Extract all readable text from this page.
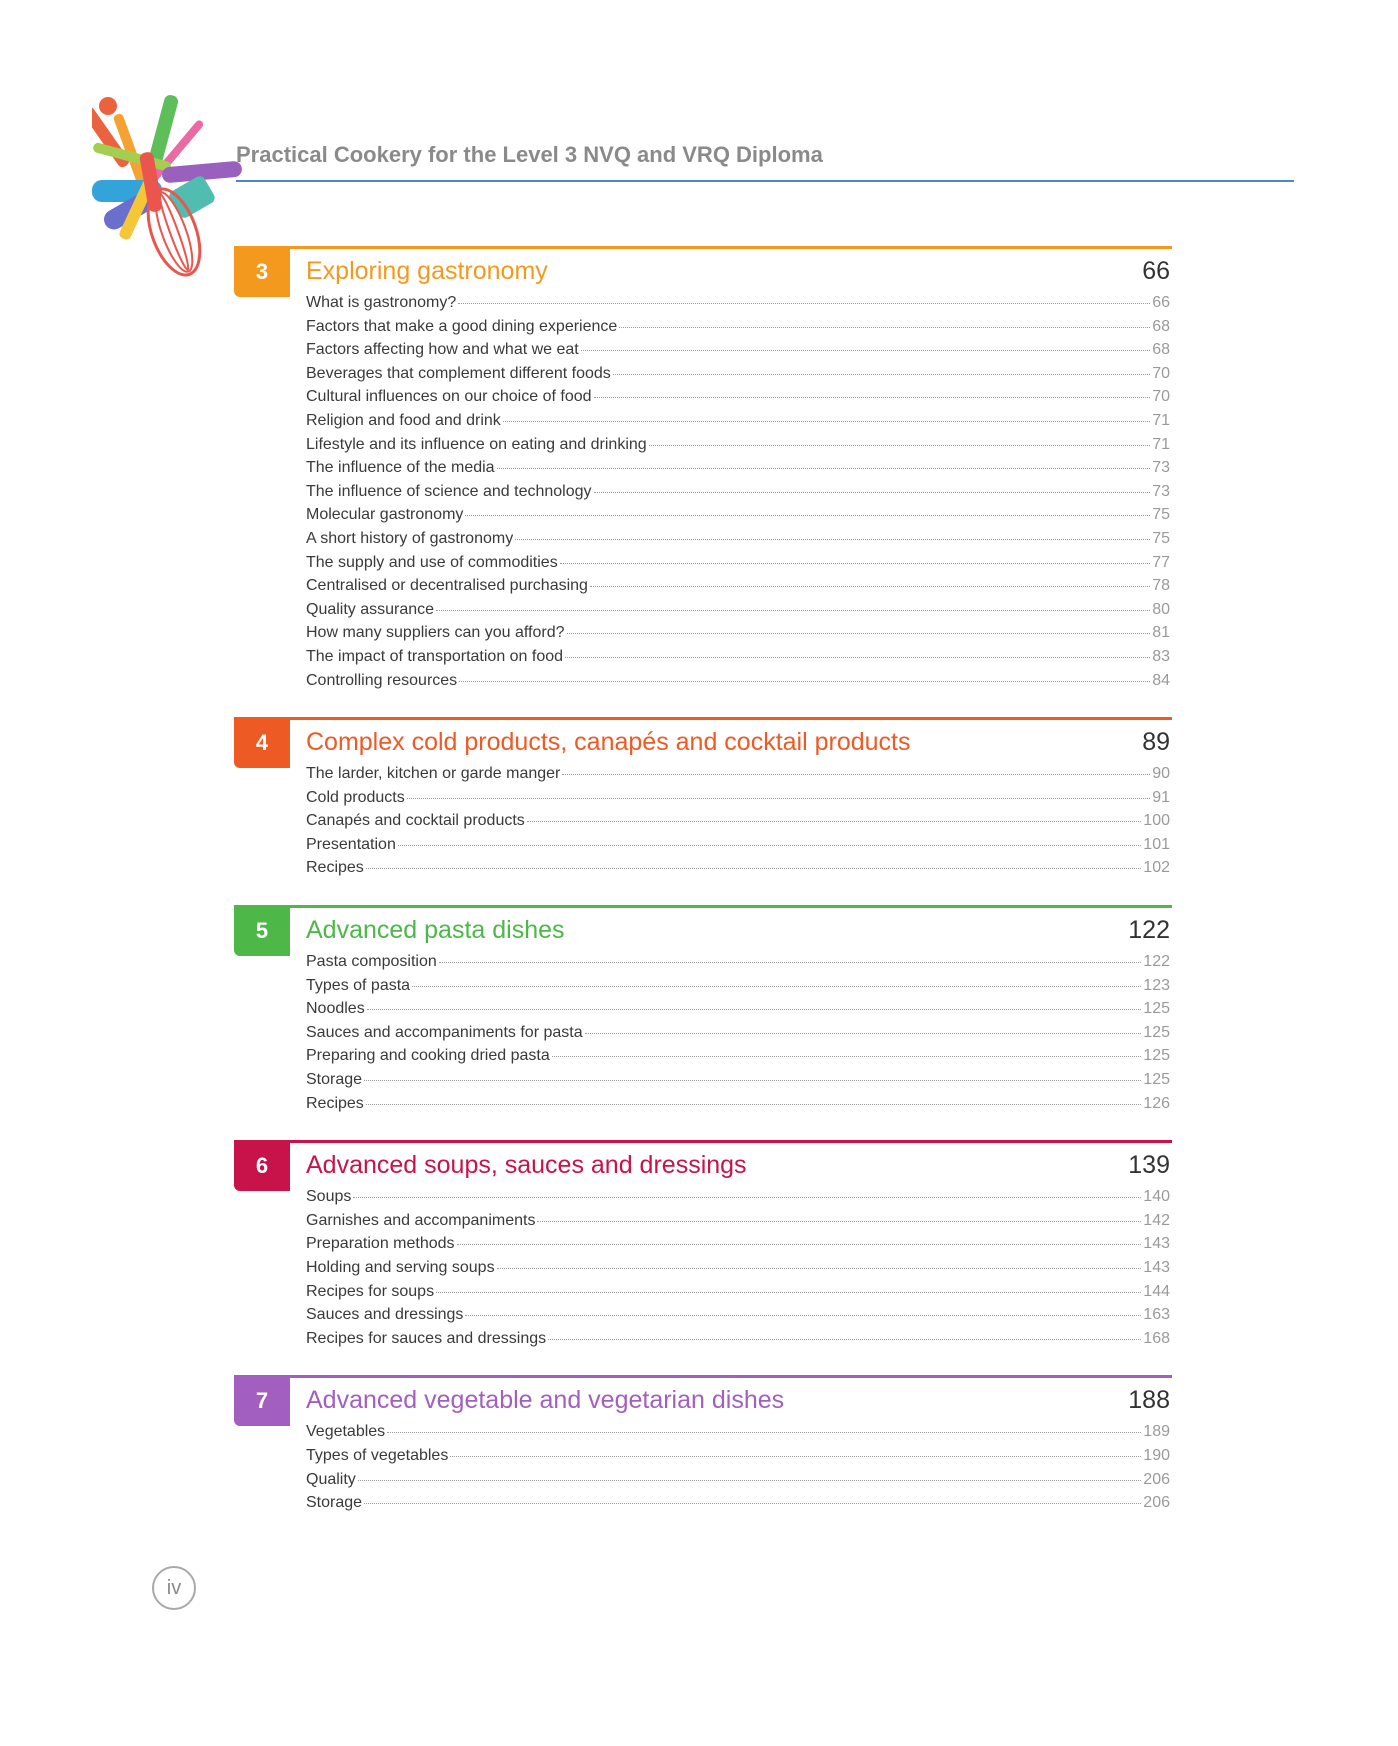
Practical Cookery for the Level 3 NVQ and VRQ Diploma
3	Exploring gastronomy	66
What is gastronomy?	66
Factors that make a good dining experience	68
Factors affecting how and what we eat	68
Beverages that complement different foods	70
Cultural influences on our choice of food	70
Religion and food and drink	71
Lifestyle and its influence on eating and drinking	71
The influence of the media	73
The influence of science and technology	73
Molecular gastronomy	75
A short history of gastronomy	75
The supply and use of commodities	77
Centralised or decentralised purchasing	78
Quality assurance	80
How many suppliers can you afford?	81
The impact of transportation on food	83
Controlling resources	84
4	Complex cold products, canapés and cocktail products	89
The larder, kitchen or garde manger	90
Cold products	91
Canapés and cocktail products	100
Presentation	101
Recipes	102
5	Advanced pasta dishes	122
Pasta composition	122
Types of pasta	123
Noodles	125
Sauces and accompaniments for pasta	125
Preparing and cooking dried pasta	125
Storage	125
Recipes	126
6	Advanced soups, sauces and dressings	139
Soups	140
Garnishes and accompaniments	142
Preparation methods	143
Holding and serving soups	143
Recipes for soups	144
Sauces and dressings	163
Recipes for sauces and dressings	168
7	Advanced vegetable and vegetarian dishes	188
Vegetables	189
Types of vegetables	190
Quality	206
Storage	206
iv
